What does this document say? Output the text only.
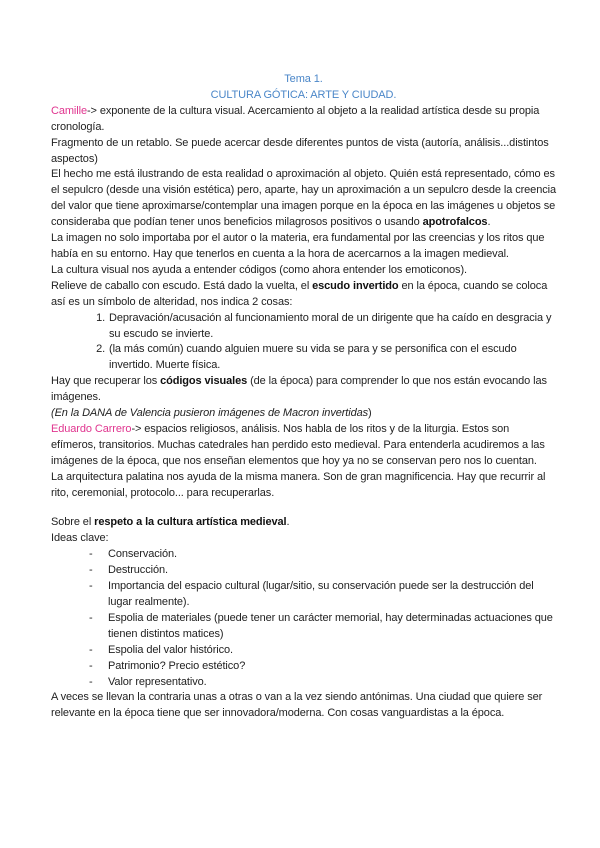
Tema 1.

CULTURA GÓTICA: ARTE Y CIUDAD.

Camille-> exponente de la cultura visual. Acercamiento al objeto a la realidad artística desde su propia cronología.

Fragmento de un retablo. Se puede acercar desde diferentes puntos de vista (autoría, análisis...distintos aspectos)

El hecho me está ilustrando de esta realidad o aproximación al objeto. Quién está representado, cómo es el sepulcro (desde una visión estética) pero, aparte, hay un aproximación a un sepulcro desde la creencia del valor que tiene aproximarse/contemplar una imagen porque en la época en las imágenes u objetos se consideraba que podían tener unos beneficios milagrosos positivos o usando apotrofalcos.

La imagen no solo importaba por el autor o la materia, era fundamental por las creencias y los ritos que había en su entorno. Hay que tenerlos en cuenta a la hora de acercarnos a la imagen medieval.

La cultura visual nos ayuda a entender códigos (como ahora entender los emoticonos).

Relieve de caballo con escudo. Está dado la vuelta, el escudo invertido en la época, cuando se coloca así es un símbolo de alteridad, nos indica 2 cosas:

1. Depravación/acusación al funcionamiento moral de un dirigente que ha caído en desgracia y su escudo se invierte.
2. (la más común) cuando alguien muere su vida se para y se personifica con el escudo invertido. Muerte física.

Hay que recuperar los códigos visuales (de la época) para comprender lo que nos están evocando las imágenes.

(En la DANA de Valencia pusieron imágenes de Macron invertidas)

Eduardo Carrero-> espacios religiosos, análisis. Nos habla de los ritos y de la liturgia. Estos son efímeros, transitorios. Muchas catedrales han perdido esto medieval. Para entenderla acudiremos a las imágenes de la época, que nos enseñan elementos que hoy ya no se conservan pero nos lo cuentan.

La arquitectura palatina nos ayuda de la misma manera. Son de gran magnificencia. Hay que recurrir al rito, ceremonial, protocolo... para recuperarlas.

Sobre el respeto a la cultura artística medieval.

Ideas clave:

- Conservación.
- Destrucción.
- Importancia del espacio cultural (lugar/sitio, su conservación puede ser la destrucción del lugar realmente).
- Espolia de materiales (puede tener un carácter memorial, hay determinadas actuaciones que tienen distintos matices)
- Espolia del valor histórico.
- Patrimonio? Precio estético?
- Valor representativo.

A veces se llevan la contraria unas a otras o van a la vez siendo antónimas. Una ciudad que quiere ser relevante en la época tiene que ser innovadora/moderna. Con cosas vanguardistas a la época.
